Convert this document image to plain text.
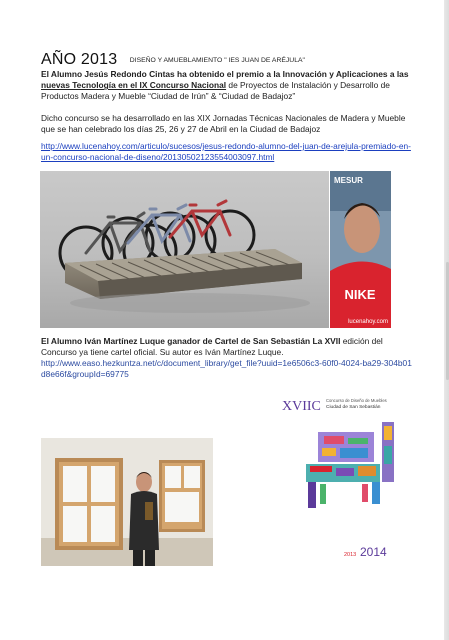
AÑO 2013 DISEÑO Y AMUEBLAMIENTO " IES JUAN DE ARÉJULA"
El Alumno Jesús Redondo Cintas ha obtenido el premio a la Innovación y Aplicaciones a las nuevas Tecnología en el IX Concurso Nacional de Proyectos de Instalación y Desarrollo de Productos Madera y Mueble “Ciudad de Irún” & “Ciudad de Badajoz”
Dicho concurso se ha desarrollado en las XIX Jornadas Técnicas Nacionales de Madera y Mueble que se han celebrado los días 25, 26 y 27 de Abril en la Ciudad de Badajoz
http://www.lucenahoy.com/articulo/sucesos/jesus-redondo-alumno-del-juan-de-arejula-premiado-en-un-concurso-nacional-de-diseno/20130502123554003097.html
NIKE
MESUR
lucenahoy.com
El Alumno Iván Martínez Luque ganador de Cartel de San Sebastián La XVII edición del Concurso ya tiene cartel oficial. Su autor es Iván Martínez Luque.
http://www.easo.hezkuntza.net/c/document_library/get_file?uuid=1e6506c3-60f0-4024-ba29-304b01d8e66f&groupId=69775
XVIIC Concurso de Diseño de Muebles
Ciudad de San Sebastián
2013 2014
